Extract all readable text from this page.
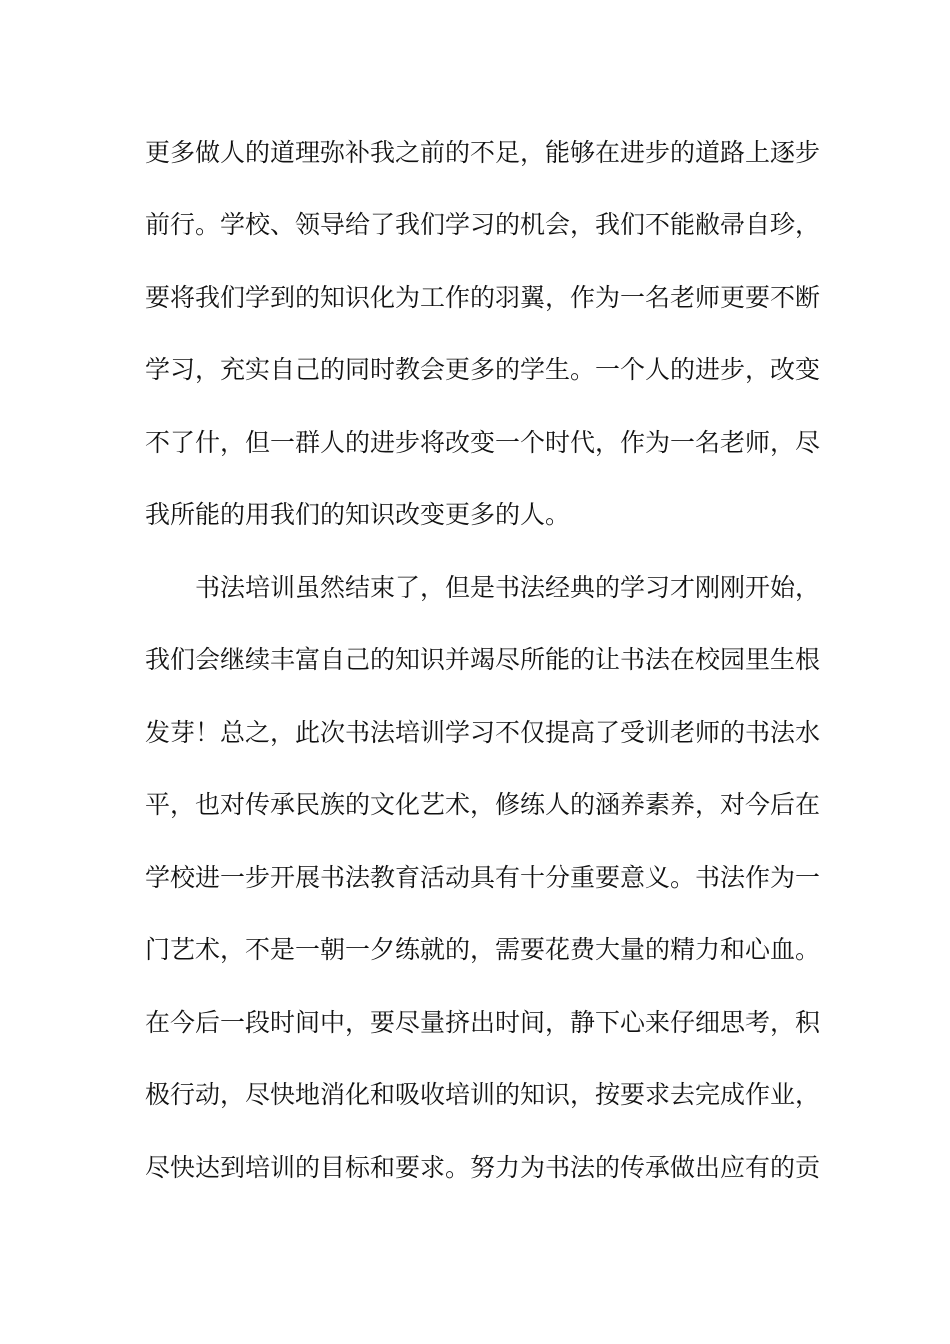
更多做人的道理弥补我之前的不足，能够在进步的道路上逐步
前行。学校、领导给了我们学习的机会，我们不能敝帚自珍，
要将我们学到的知识化为工作的羽翼，作为一名老师更要不断
学习，充实自己的同时教会更多的学生。一个人的进步，改变
不了什，但一群人的进步将改变一个时代，作为一名老师，尽
我所能的用我们的知识改变更多的人。
书法培训虽然结束了，但是书法经典的学习才刚刚开始，
我们会继续丰富自己的知识并竭尽所能的让书法在校园里生根
发芽！总之，此次书法培训学习不仅提高了受训老师的书法水
平，也对传承民族的文化艺术，修练人的涵养素养，对今后在
学校进一步开展书法教育活动具有十分重要意义。书法作为一
门艺术，不是一朝一夕练就的，需要花费大量的精力和心血。
在今后一段时间中，要尽量挤出时间，静下心来仔细思考，积
极行动，尽快地消化和吸收培训的知识，按要求去完成作业，
尽快达到培训的目标和要求。努力为书法的传承做出应有的贡
